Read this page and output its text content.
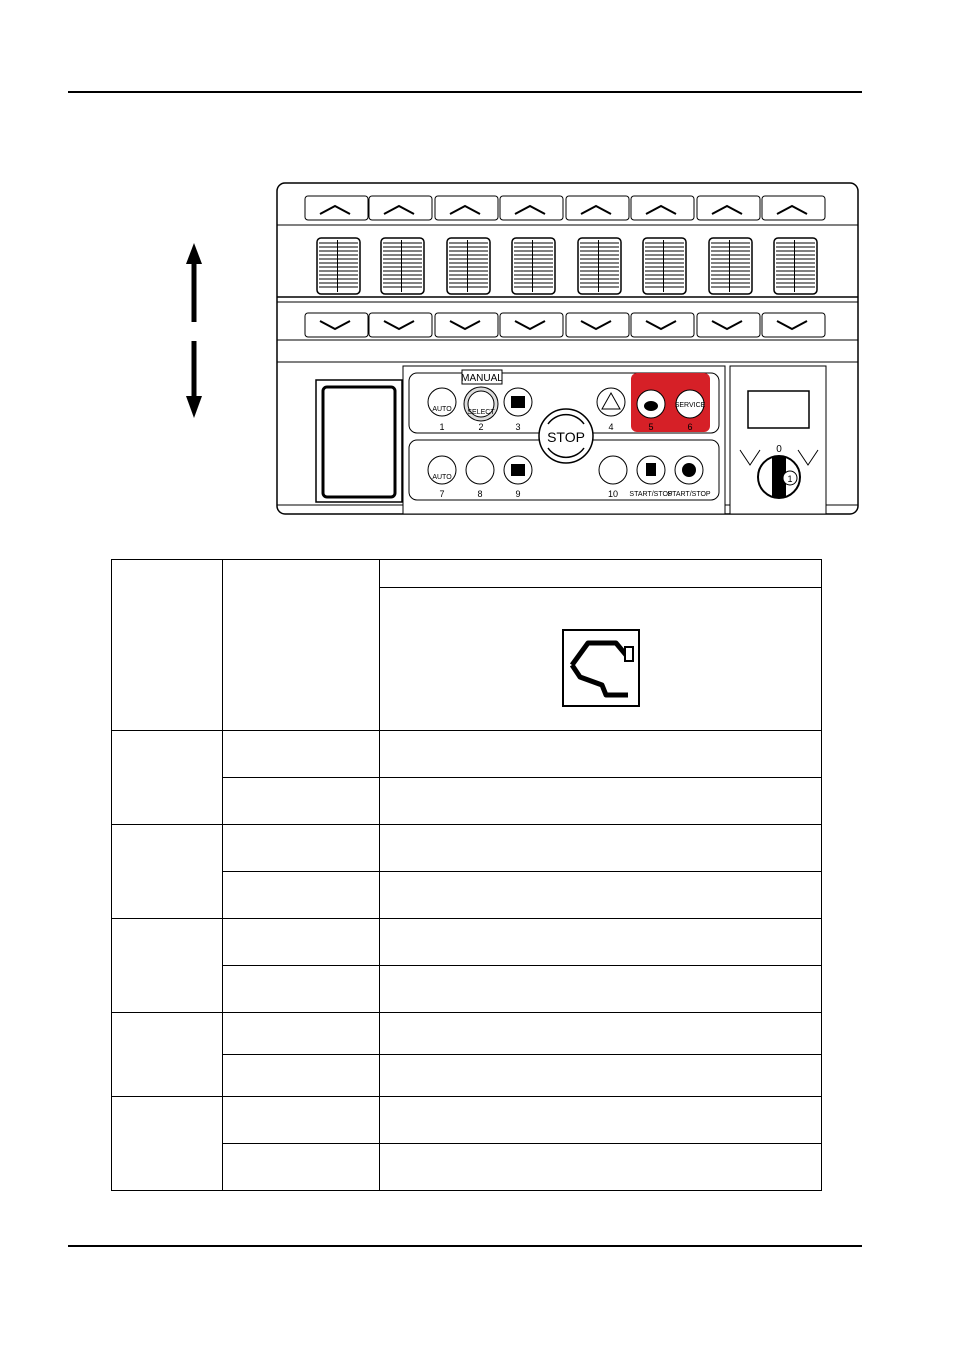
MANUAL
AUTO
1
SELECT
2	3	4	5
SERVICE
6
STOP
AUTO
7	8	9	10 START/STOP
START/STOP
1
0
